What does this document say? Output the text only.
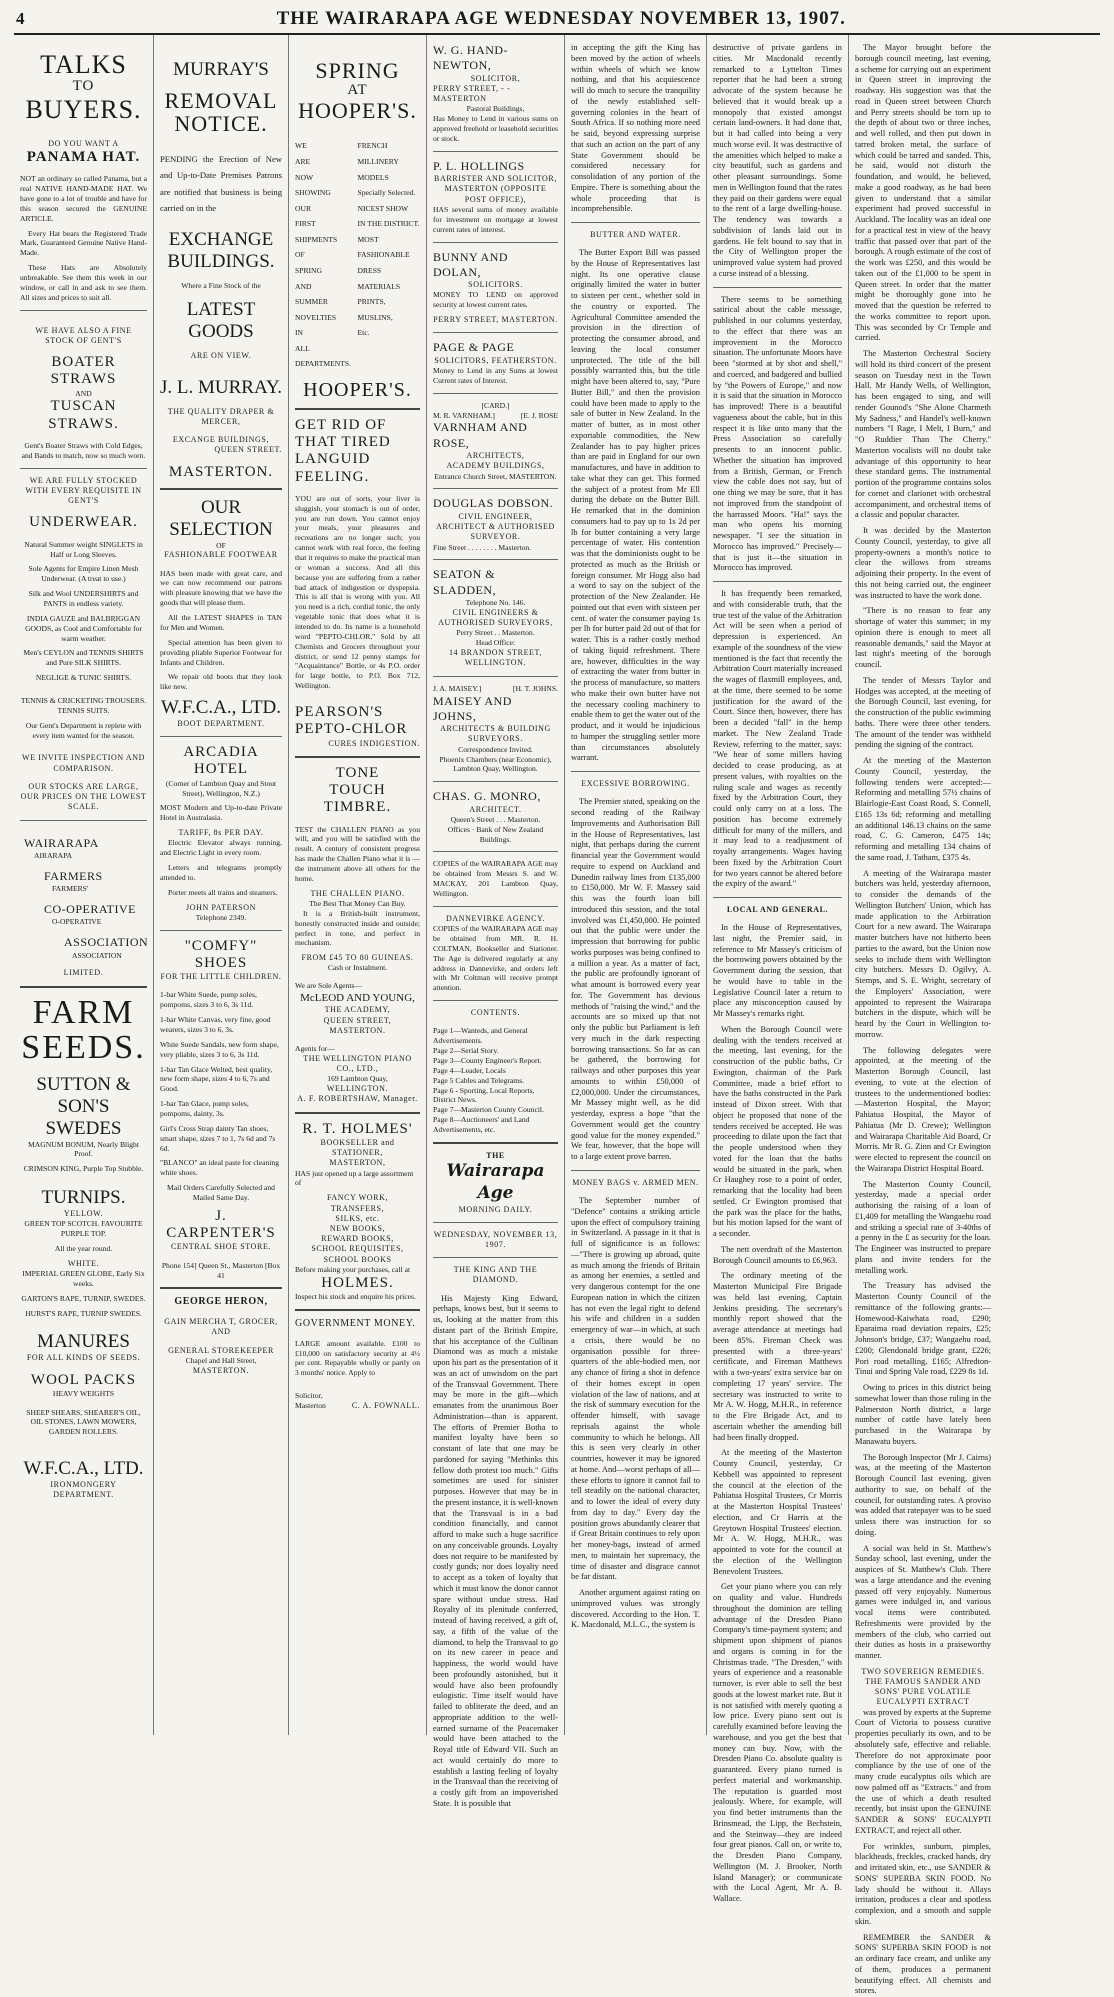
4	THE WAIRARAPA AGE WEDNESDAY NOVEMBER 13, 1907.
TALKS
TO
BUYERS.
DO YOU WANT A
PANAMA HAT.

NOT an ordinary so called Panama, but a real NATIVE HAND-MADE HAT. We have gone to a lot of trouble and have for this season secured the GENUINE ARTICLE.

Every Hat bears the Registered Trade Mark, Guaranteed Genuine Native Hand-Made.

These Hats are Absolutely unbreakable. See them this week in our window, or call in and ask to see them. All sizes and prices to suit all.

WE HAVE ALSO A FINE STOCK OF GENT'S
BOATER STRAWS
AND
TUSCAN STRAWS.

Gent's Boater Straws with Cold Edges, and Bands to match, now so much worn.

WE ARE FULLY STOCKED WITH EVERY REQUISITE IN GENT'S
UNDERWEAR.

Natural Summer weight SINGLETS in Half or Long Sleeves.

Sole Agents for Empire Linen Mesh Underwear. (A treat to use.)

Silk and Wool UNDERSHIRTS and PANTS in endless variety.

INDIA GAUZE and BALBRIGGAN GOODS, as Cool and Comfortable for warm weather.

Men's CEYLON and TENNIS SHIRTS and Pure SILK SHIRTS.

NEGLIGE & TUNIC SHIRTS.

TENNIS & CRICKETING TROUSERS. TENNIS SUITS.

Our Gent's Department is replete with every item wanted for the season.

WE INVITE INSPECTION AND COMPARISON.
OUR STOCKS ARE LARGE, OUR PRICES ON THE LOWEST SCALE.
WAIRARAPA
AIRARAPA
FARMERS
FARMERS'
CO-OPERATIVE
O-OPERATIVE
ASSOCIATION
ASSOCIATION
LIMITED.
FARM
SEEDS.
SUTTON & SON'S
SWEDES

MAGNUM BONUM, Nearly Blight Proof.

CRIMSON KING, Purple Top Stubble.

TURNIPS.
YELLOW.

GREEN TOP SCOTCH. FAVOURITE PURPLE TOP.

All the year round.

WHITE.

IMPERIAL GREEN GLOBE, Early Six weeks.

GARTON'S RAPE, TURNIP, SWEDES.

HURST'S RAPE, TURNIP SWEDES.

MANURES
FOR ALL KINDS OF SEEDS.
WOOL PACKS HEAVY WEIGHTS

SHEEP SHEARS, SHEARER'S OIL, OIL STONES, LAWN MOWERS, GARDEN ROLLERS.

W.F.C.A., LTD.
IRONMONGERY DEPARTMENT.
MURRAY'S
REMOVAL
NOTICE.

PENDING the Erection of New and Up-to-Date Premises Patrons are notified that business is being carried on in the

EXCHANGE
BUILDINGS.
Where a Fine Stock of the
LATEST GOODS
ARE ON VIEW.
J. L. MURRAY.
THE QUALITY DRAPER & MERCER,
EXCANGE BUILDINGS,
QUEEN STREET.
MASTERTON.
OUR SELECTION
OF
FASHIONABLE FOOTWEAR

HAS been made with great care, and we can now recommend our patrons with pleasure knowing that we have the goods that will please them.

All the LATEST SHAPES in TAN for Men and Women.

Special attention has been given to providing pliable Superior Footwear for Infants and Children.

We repair old boots that they look like new.

W.F.C.A., LTD.
BOOT DEPARTMENT.
ARCADIA HOTEL

(Corner of Lambton Quay and Stout Street), Wellington, N.Z.)

MOST Modern and Up-to-date Private Hotel in Australasia.

TARIFF, 8s PER DAY.

Electric Elevator always running, and Electric Light in every room.

Letters and telegrams promptly attended to.

Porter meets all trains and steamers.

JOHN PATERSON
Telephone 2349.
"COMFY" SHOES
FOR THE LITTLE CHILDREN.

1-bar White Suede, pump soles, pompoms, sizes 3 to 6, 3s 11d.

1-bar White Canvas, very fine, good wearers, sizes 3 to 6, 3s.

White Suede Sandals, new form shape, very pliable, sizes 3 to 6, 3s 11d.

1-bar Tan Glace Welted, best quality, new form shape, sizes 4 to 6, 7s and Good.

1-bar Tan Glace, pump soles, pompoms, dainty, 3s.

Girl's Cross Strap dainty Tan shoes, smart shape, sizes 7 to 1, 7s 6d and 7s 6d.

"BLANCO" an ideal paste for cleaning white shoes.

Mail Orders Carefully Selected and Mailed Same Day.

J. CARPENTER'S
CENTRAL SHOE STORE.
Phone 154] Queen St., Masterton [Box 41
GEORGE HERON,
GAIN MERCHA T, GROCER, AND
GENERAL STOREKEEPER
Chapel and Hall Street,
MASTERTON.
SPRING
AT
HOOPER'S.
WE
ARE
NOW
SHOWING
OUR
FIRST
SHIPMENTS
OF
SPRING
AND
SUMMER
NOVELTIES
IN
ALL
DEPARTMENTS.
FRENCH
MILLINERY
MODELS
Specially Selected.
NICEST SHOW
IN THE DISTRICT.
MOST
FASHIONABLE
DRESS MATERIALS
PRINTS,
MUSLINS,
Etc.
HOOPER'S.
GET RID OF
THAT TIRED
LANGUID
FEELING.

YOU are out of sorts, your liver is sluggish, your stomach is out of order, you are run down. You cannot enjoy your meals, your pleasures and recreations are no longer such; you cannot work with real force, the feeling that it requires to make the practical man or woman a success. And all this because you are suffering from a rather bad attack of indigestion or dyspepsia. This is all that is wrong with you. All you need is a rich, cordial tonic, the only vegetable tonic that does what it is intended to do. Its name is a household word "PEPTO-CHLOR." Sold by all Chemists and Grocers throughout your district, or send 12 penny stamps for "Acquaintance" Bottle, or 4s P.O. order for large bottle, to P.O. Box 712, Wellington.

PEARSON'S
PEPTO-CHLOR
CURES INDIGESTION.
TONE
TOUCH
TIMBRE.

TEST the CHALLEN PIANO as you will, and you will be satisfied with the result. A century of consistent progress has made the Challen Piano what it is — the instrument above all others for the home.

THE CHALLEN PIANO.
The Best That Money Can Buy.

It is a British-built instrument, honestly constructed inside and outside; perfect in tone, and perfect in mechanism.

FROM £45 TO 80 GUINEAS.
Cash or Instalment.
We are Sole Agents—
McLEOD AND YOUNG,
THE ACADEMY,
QUEEN STREET, MASTERTON.
Agents for—
THE WELLINGTON PIANO CO., LTD.,
169 Lambton Quay,
WELLINGTON.
A. F. ROBERTSHAW, Manager.
R. T. HOLMES'
BOOKSELLER and STATIONER,
MASTERTON,

HAS just opened up a large assortment of

FANCY WORK,
TRANSFERS,
SILKS, etc.
NEW BOOKS,
REWARD BOOKS,
SCHOOL REQUISITES,
SCHOOL BOOKS
Before making your purchases, call at
HOLMES.
Inspect his stock and enquire his prices.
GOVERNMENT MONEY.

LARGE amount available. £100 to £10,000 on satisfactory security at 4½ per cent. Repayable wholly or partly on 3 months' notice. Apply to

Solicitor,
Masterton	C. A. FOWNALL.
W. G. HAND-NEWTON,
SOLICITOR,
PERRY STREET, - - MASTERTON
Pastoral Buildings,

Has Money to Lend in various sums on approved freehold or leasehold securities or stock.

P. L. HOLLINGS
BARRISTER AND SOLICITOR,
MASTERTON (OPPOSITE POST OFFICE),

HAS several sums of money available for investment on mortgage at lowest current rates of interest.

BUNNY AND DOLAN,
SOLICITORS.

MONEY TO LEND on approved security at lowest current rates.

PERRY STREET, MASTERTON.
PAGE & PAGE
SOLICITORS, FEATHERSTON.

Money to Lend in any Sums at lowest Current rates of Interest.

[CARD.]
M. R. VARNHAM.]	[E. J. ROSE
VARNHAM AND ROSE,
ARCHITECTS,
ACADEMY BUILDINGS,
Entrance Church Street, MASTERTON.
DOUGLAS DOBSON.
CIVIL ENGINEER, ARCHITECT & AUTHORISED SURVEYOR.
Fine Street . . . . . . . . Masterton.
SEATON & SLADDEN,
Telephone No. 146.
CIVIL ENGINEERS & AUTHORISED SURVEYORS,
Perry Street . . Masterton.
Head Office:
14 BRANDON STREET, WELLINGTON.
J. A. MAISEY.]	[H. T. JOHNS.
MAISEY AND JOHNS,
ARCHITECTS & BUILDING SURVEYORS.
Correspondence Invited.
Phoenix Chambers (near Economic), Lambton Quay, Wellington.
CHAS. G. MONRO,
ARCHITECT.
Queen's Street . . . Masterton.
Offices · Bank of New Zealand Buildings.

COPIES of the WAIRARAPA AGE may be obtained from Messrs S. and W. MACKAY, 201 Lambton Quay, Wellington.

DANNEVIRKE AGENCY.

COPIES of the WAIRARAPA AGE may be obtained from MR. R. H. COLTMAN, Bookseller and Stationer. The Age is delivered regularly at any address in Dannevirke, and orders left with Mr Coltman will receive prompt attention.

CONTENTS.
Page 1—Wanteds, and General Advertisements.
Page 2—Serial Story.
Page 3—County Engineer's Report.
Page 4—Leader, Locals
Page 5 Cables and Telegrams.
Page 6 - Sporting, Local Reports, District News.
Page 7—Masterton County Council.
Page 8—Auctioneers' and Land Advertisements, etc.
THE
Wairarapa Age
MORNING DAILY.
WEDNESDAY, NOVEMBER 13, 1907.
THE KING AND THE DIAMOND.

His Majesty King Edward, perhaps, knows best, but it seems to us, looking at the matter from this distant part of the British Empire, that his acceptance of the Cullinan Diamond was as much a mistake upon his part as the presentation of it was an act of unwisdom on the part of the Transvaal Government. There may be more in the gift—which emanates from the unanimous Boer Administration—than is apparent. The efforts of Premier Botha to manifest loyalty have been so constant of late that one may be pardoned for saying "Methinks this fellow doth protest too much." Gifts sometimes are used for sinister purposes. However that may be in the present instance, it is well-known that the Transvaal is in a bad condition financially, and cannot afford to make such a huge sacrifice on any conceivable grounds. Loyalty does not require to be manifested by costly gunds; nor does loyalty need to accept as a token of loyalty that which it must know the donor cannot spare without undue stress. Had Royalty of its plenitude conferred, instead of having received, a gift of, say, a fifth of the value of the diamond, to help the Transvaal to go on its new career in peace and happiness, the world would have been profoundly astonished, but it would have also been profoundly eulogistic. Time itself would have failed to obliterate the deed, and an appropriate addition to the well-earned surname of the Peacemaker would have been attached to the Royal title of Edward VII. Such an act would certainly do more to establish a lasting feeling of loyalty in the Transvaal than the receiving of a costly gift from an impoverished State. It is possible that

in accepting the gift the King has been moved by the action of wheels within wheels of which we know nothing, and that his acquiescence will do much to secure the tranquility of the newly established self-governing colonies in the heart of South Africa. If so nothing more need be said, beyond expressing surprise that such an action on the part of any State Government should be considered necessary for consolidation of any portion of the Empire. There is something about the whole proceeding that is incomprehensible.

BUTTER AND WATER.

The Butter Export Bill was passed by the House of Representatives last night. Its one operative clause originally limited the water in butter to sixteen per cent., whether sold in the country or exported. The Agricultural Committee amended the provision in the direction of protecting the consumer abroad, and leaving the local consumer unprotected. The title of the bill possibly warranted this, but the title might have been altered to, say, "Pure Butter Bill," and then the provision could have been made to apply to the sale of butter in New Zealand. In the matter of butter, as in most other exportable commodities, the New Zealander has to pay higher prices than are paid in England for our own manufactures, and have in addition to take what they can get. This formed the subject of a protest from Mr Ell during the debate on the Butter Bill. He remarked that in the dominion consumers had to pay up to 1s 2d per lb for butter containing a very large percentage of water. His contention was that the dominionists ought to be protected as much as the British or foreign consumer. Mr Hogg also had a word to say on the subject of the protection of the New Zealander. He pointed out that even with sixteen per cent. of water the consumer paying 1s per lb for butter paid 2d out of that for water. This is a rather costly method of taking liquid refreshment. There are, however, difficulties in the way of extracting the water from butter in the process of manufacture, so matters who make their own butter have not the necessary cooling machinery to enable them to get the water out of the product, and it would be injudicious to hamper the struggling settler more than circumstances absolutely warrant.

EXCESSIVE BORROWING.

The Premier stated, speaking on the second reading of the Railway Improvements and Authorisation Bill in the House of Representatives, last night, that perhaps during the current financial year the Government would require to expend on Auckland and Dunedin railway lines from £135,000 to £150,000. Mr W. F. Massey said this was the fourth loan bill introduced this session, and the total involved was £1,450,000. He pointed out that the public were under the impression that borrowing for public works purposes was being confined to a million a year. As a matter of fact, the public are profoundly ignorant of what amount is borrowed every year for. The Government has devious methods of "raising the wind," and the accounts are so mixed up that not only the public but Parliament is left very much in the dark respecting borrowing transactions. So far as can be gathered, the borrowing for railways and other purposes this year amounts to within £50,000 of £2,000,000. Under the circumstances, Mr Massey might well, as he did yesterday, express a hope "that the Government would get the country good value for the money expended." We fear, however, that the hope will to a large extent prove barren.

MONEY BAGS v. ARMED MEN.

The September number of "Defence" contains a striking article upon the effect of compulsory training in Switzerland. A passage in it that is full of significance is as follows:—"There is growing up abroad, quite as much among the friends of Britain as among her enemies, a settled and very dangerous contempt for the one European nation in which the citizen has not even the legal right to defend his wife and children in a sudden emergency of war—in which, at such a crisis, there would be no organisation possible for three-quarters of the able-bodied men, nor any chance of firing a shot in defence of their homes except in open violation of the law of nations, and at the risk of summary execution for the offender himself, with savage reprisals against the whole community to which he belongs. All this is seen very clearly in other countries, however it may be ignored at home. And—worst perhaps of all—these efforts to ignore it cannot fail to tell steadily on the national character, and to lower the ideal of every duty from day to day." Every day the position grows abundantly clearer that if Great Britain continues to rely upon her money-bags, instead of armed men, to maintain her supremacy, the time of disaster and disgrace cannot be far distant.

Another argument against rating on unimproved values was strongly discovered. According to the Hon. T. K. Macdonald, M.L.C., the system is

destructive of private gardens in cities. Mr Macdonald recently remarked to a Lyttelton Times reporter that he had been a strong advocate of the system because he believed that it would break up a monopoly that existed amongst certain land-owners. It had done that, but it had called into being a very much worse evil. It was destructive of the amenities which helped to make a city beautiful, such as gardens and other pleasant surroundings. Some men in Wellington found that the rates they paid on their gardens were equal to the rent of a large dwelling-house. The tendency was towards a subdivision of lands laid out in gardens. He felt bound to say that in the City of Wellington proper the unimproved value system had proved a curse instead of a blessing.

There seems to be something satirical about the cable message, published in our columns yesterday, to the effect that there was an improvement in the Morocco situation. The unfortunate Moors have been "stormed at by shot and shell," and coerced, and badgered and bullied by "the Powers of Europe," and now it is said that the situation in Morocco has improved! There is a beautiful vagueness about the cable, but in this respect it is like unto many that the Press Association so carefully presents to an innocent public. Whether the situation has improved from a British, German, or French view the cable does not say, but of one thing we may be sure, that it has not improved from the standpoint of the harrassed Moors. "Ha!" says the man who opens his morning newspaper. "I see the situation in Morocco has improved." Precisely—that is just it—the situation in Morocco has improved.

It has frequently been remarked, and with considerable truth, that the true test of the value of the Arbitration Act will be seen when a period of depression is experienced. An example of the soundness of the view mentioned is the fact that recently the Arbitration Court materially increased the wages of flaxmill employees, and, at the time, there seemed to be some justification for the award of the Court. Since then, however, there has been a decided "fall" in the hemp market. The New Zealand Trade Review, referring to the matter, says: "We hear of some millers having decided to cease producing, as at present values, with royalties on the ruling scale and wages as recently fixed by the Arbitration Court, they could only carry on at a loss. The position has become extremely difficult for many of the millers, and it may lead to a readjustment of royalty arrangements. Wages having been fixed by the Arbitration Court for two years cannot be altered before the expiry of the award."

LOCAL AND GENERAL.

In the House of Representatives, last night, the Premier said, in reference to Mr Massey's criticism of the borrowing powers obtained by the Government during the session, that he would have to table in the Legislative Council later a return to place any misconception caused by Mr Massey's remarks right.

When the Borough Council were dealing with the tenders received at the meeting, last evening, for the construction of the public baths, Cr Ewington, chairman of the Park Committee, made a brief effort to have the baths constructed in the Park instead of Dixon street. With that object he proposed that none of the tenders received be accepted. He was proceeding to dilate upon the fact that the people understood when they voted for the loan that the baths would be situated in the park, when Cr Haughey rose to a point of order, remarking that the locality had been settled. Cr Ewington promised that the park was the place for the baths, but his motion lapsed for the want of a seconder.

The nett overdraft of the Masterton Borough Council amounts to £6,963.

The ordinary meeting of the Masterton Municipal Fire Brigade was held last evening, Captain Jenkins presiding. The secretary's monthly report showed that the average attendance at meetings had been 85%. Fireman Check was presented with a three-years' certificate, and Fireman Matthews with a two-years' extra service bar on completing 17 years' service. The secretary was instructed to write to Mr A. W. Hogg, M.H.R., in reference to the Fire Brigade Act, and to ascertain whether the amending bill had been finally dropped.

At the meeting of the Masterton County Council, yesterday, Cr Kebbell was appointed to represent the council at the election of the Pahiatua Hospital Trustees, Cr Morris at the Masterton Hospital Trustees' election, and Cr Harris at the Greytown Hospital Trustees' election. Mr A. W. Hogg, M.H.R., was appointed to vote for the council at the election of the Wellington Benevolent Trustees.

Get your piano where you can rely on quality and value. Hundreds throughout the dominion are telling advantage of the Dresden Piano Company's time-payment system; and shipment upon shipment of pianos and organs is coming in for the Christmas trade. "The Dresden," with years of experience and a reasonable turnover, is ever able to sell the best goods at the lowest market rate. But it is not satisfied with merely quoting a low price. Every piano sent out is carefully examined before leaving the warehouse, and you get the best that money can buy. Now, with the Dresden Piano Co. absolute quality is guaranteed. Every piano turned is perfect material and workmanship. The reputation is guarded most jealously. Where, for example, will you find better instruments than the Brinsmead, the Lipp, the Bechstein, and the Steinway—they are indeed four great pianos. Call on, or write to, the Dresden Piano Company, Wellington (M. J. Brooker, North Island Manager); or communicate with the Local Agent, Mr A. B. Wallace.

The Mayor brought before the borough council meeting, last evening, a scheme for carrying out an experiment in Queen street in improving the roadway. His suggestion was that the road in Queen street between Church and Perry streets should be torn up to the depth of about two or three inches, and well rolled, and then put down in tarred broken metal, the surface of which could be tarred and sanded. This, he said, would not disturb the foundation, and would, he believed, make a good roadway, as he had been given to understand that a similar experiment had proved successful in Auckland. The locality was an ideal one for a practical test in view of the heavy traffic that passed over that part of the borough. A rough estimate of the cost of the work was £250, and this would be taken out of the £1,000 to be spent in Queen street. In order that the matter might be thoroughly gone into he moved that the question be referred to the works committee to report upon. This was seconded by Cr Temple and carried.

The Masterton Orchestral Society will hold its third concert of the present season on Tuesday next in the Town Hall. Mr Handy Wells, of Wellington, has been engaged to sing, and will render Gounod's "She Alone Charmeth My Sadness," and Handel's well-known numbers "I Rage, I Melt, I Burn," and "O Ruddier Than The Cherry." Masterton vocalists will no doubt take advantage of this opportunity to hear these standard gems. The instrumental portion of the programme contains solos for cornet and clarionet with orchestral accompaniment, and orchestral items of a classic and popular character.

It was decided by the Masterton County Council, yesterday, to give all property-owners a month's notice to clear the willows from streams adjoining their property. In the event of this not being carried out, the engineer was instructed to have the work done.

"There is no reason to fear any shortage of water this summer; in my opinion there is enough to meet all reasonable demands," said the Mayor at last night's meeting of the borough council.

The tender of Messrs Taylor and Hodges was accepted, at the meeting of the Borough Council, last evening, for the construction of the public swimming baths. There were three other tenders. The amount of the tender was withheld pending the signing of the contract.

At the meeting of the Masterton County Council, yesterday, the following tenders were accepted:—Reforming and metalling 57½ chains of Blairlogie-East Coast Road, S. Connell, £165 13s 6d; reforming and metalling an additional 146.13 chains on the same road, C. G. Cameron, £475 14s; reforming and metalling 134 chains of the same road, J. Tatham, £375 4s.

A meeting of the Wairarapa master butchers was held, yesterday afternoon, to consider the demands of the Wellington Butchers' Union, which has made application to the Arbitration Court for a new award. The Wairarapa master butchers have not hitherto been parties to the award, but the Union now seeks to include them with Wellington city butchers. Messrs D. Ogilvy, A. Stemps, and S. E. Wright, secretary of the Employers' Association, were appointed to represent the Wairarapa butchers in the dispute, which will be heard by the Court in Wellington to-morrow.

The following delegates were appointed, at the meeting of the Masterton Borough Council, last evening, to vote at the election of trustees to the undermentioned bodies:—Masterton Hospital, the Mayor; Pahiatua Hospital, the Mayor of Pahiatua (Mr D. Crewe); Wellington and Wairarapa Charitable Aid Board, Cr Morris. Mr R. G. Zinn and Cr Ewington were elected to represent the council on the Wairarapa District Hospital Board.

The Masterton County Council, yesterday, made a special order authorising the raising of a loan of £1,409 for metalling the Wangaehu road and striking a special rate of 3-40ths of a penny in the £ as security for the loan. The Engineer was instructed to prepare plans and invite tenders for the metalling work.

The Treasury has advised the Masterton County Council of the remittance of the following grants:—Homewood-Kaiwhata road, £290; Eparaima road deviation repairs, £25; Johnson's bridge, £37; Wangaehu road, £200; Glendonald bridge grant, £226; Pori road metalling, £165; Alfredton-Tinui and Spring Vale road, £229 8s 1d.

Owing to prices in this district being somewhat lower than those ruling in the Palmerston North district, a large number of cattle have lately been purchased in the Wairarapa by Manawatu buyers.

The Borough Inspector (Mr J. Cairns) was, at the meeting of the Masterton Borough Council last evening, given authority to sue, on behalf of the council, for outstanding rates. A proviso was added that ratepayer was to be sued unless there was instruction for so doing.

A social was held in St. Matthew's Sunday school, last evening, under the auspices of St. Matthew's Club. There was a large attendance and the evening passed off very enjoyably. Numerous games were indulged in, and various vocal items were contributed. Refreshments were provided by the members of the club, who carried out their duties as hosts in a praiseworthy manner.

TWO SOVEREIGN REMEDIES. THE FAMOUS SANDER AND SONS' PURE VOLATILE EUCALYPTI EXTRACT

was proved by experts at the Supreme Court of Victoria to possess curative properties peculiarly its own, and to be absolutely safe, effective and reliable. Therefore do not approximate poor compliance by the use of one of the many crude eucalyptus oils which are now palmed off as "Extracts." and from the use of which a death resulted recently, but insist upon the GENUINE SANDER & SONS' EUCALYPTI EXTRACT, and reject all other.

For wrinkles, sunburn, pimples, blackheads, freckles, cracked hands, dry and irritated skin, etc., use SANDER & SONS' SUPERBA SKIN FOOD. No lady should be without it. Allays irritation, produces a clear and spotless complexion, and a smooth and supple skin.

REMEMBER the SANDER & SONS' SUPERBA SKIN FOOD is not an ordinary face cream, and unlike any of them, produces a permanent beautifying effect. All chemists and stores.
